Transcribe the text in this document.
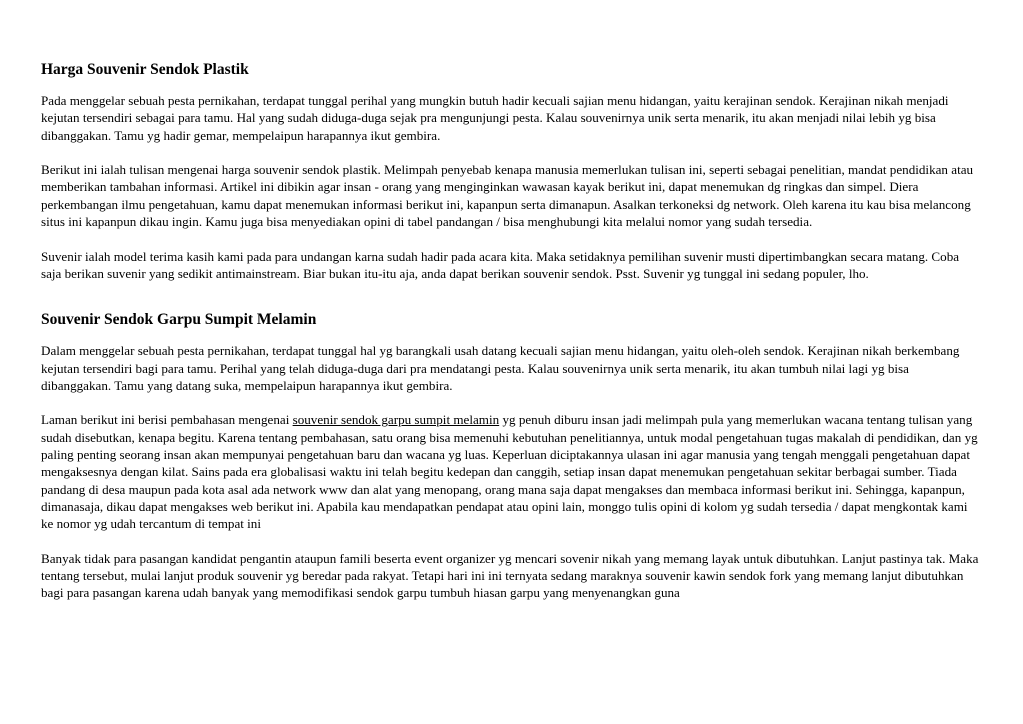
Harga Souvenir Sendok Plastik

Pada menggelar sebuah pesta pernikahan, terdapat tunggal perihal yang mungkin butuh hadir kecuali sajian menu hidangan, yaitu kerajinan sendok. Kerajinan nikah menjadi kejutan tersendiri sebagai para tamu. Hal yang sudah diduga-duga sejak pra mengunjungi pesta. Kalau souvenirnya unik serta menarik, itu akan menjadi nilai lebih yg bisa dibanggakan. Tamu yg hadir gemar, mempelaipun harapannya ikut gembira.

Berikut ini ialah tulisan mengenai harga souvenir sendok plastik. Melimpah penyebab kenapa manusia memerlukan tulisan ini, seperti sebagai penelitian, mandat pendidikan atau memberikan tambahan informasi. Artikel ini dibikin agar insan - orang yang menginginkan wawasan kayak berikut ini, dapat menemukan dg ringkas dan simpel. Diera perkembangan ilmu pengetahuan, kamu dapat menemukan informasi berikut ini, kapanpun serta dimanapun. Asalkan terkoneksi dg network. Oleh karena itu kau bisa melancong situs ini kapanpun dikau ingin. Kamu juga bisa menyediakan opini di tabel pandangan / bisa menghubungi kita melalui nomor yang sudah tersedia.

Suvenir ialah model terima kasih kami pada para undangan karna sudah hadir pada acara kita. Maka setidaknya pemilihan suvenir musti dipertimbangkan secara matang. Coba saja berikan suvenir yang sedikit antimainstream. Biar bukan itu-itu aja, anda dapat berikan souvenir sendok. Psst. Suvenir yg tunggal ini sedang populer, lho.

Souvenir Sendok Garpu Sumpit Melamin

Dalam menggelar sebuah pesta pernikahan, terdapat tunggal hal yg barangkali usah datang kecuali sajian menu hidangan, yaitu oleh-oleh sendok. Kerajinan nikah berkembang kejutan tersendiri bagi para tamu. Perihal yang telah diduga-duga dari pra mendatangi pesta. Kalau souvenirnya unik serta menarik, itu akan tumbuh nilai lagi yg bisa dibanggakan. Tamu yang datang suka, mempelaipun harapannya ikut gembira.

Laman berikut ini berisi pembahasan mengenai souvenir sendok garpu sumpit melamin yg penuh diburu insan jadi melimpah pula yang memerlukan wacana tentang tulisan yang sudah disebutkan, kenapa begitu. Karena tentang pembahasan, satu orang bisa memenuhi kebutuhan penelitiannya, untuk modal pengetahuan tugas makalah di pendidikan, dan yg paling penting seorang insan akan mempunyai pengetahuan baru dan wacana yg luas. Keperluan diciptakannya ulasan ini agar manusia yang tengah menggali pengetahuan dapat mengaksesnya dengan kilat. Sains pada era globalisasi waktu ini telah begitu kedepan dan canggih, setiap insan dapat menemukan pengetahuan sekitar berbagai sumber. Tiada pandang di desa maupun pada kota asal ada network www dan alat yang menopang, orang mana saja dapat mengakses dan membaca informasi berikut ini. Sehingga, kapanpun, dimanasaja, dikau dapat mengakses web berikut ini. Apabila kau mendapatkan pendapat atau opini lain, monggo tulis opini di kolom yg sudah tersedia / dapat mengkontak kami ke nomor yg udah tercantum di tempat ini

Banyak tidak para pasangan kandidat pengantin ataupun famili beserta event organizer yg mencari sovenir nikah yang memang layak untuk dibutuhkan. Lanjut pastinya tak. Maka tentang tersebut, mulai lanjut produk souvenir yg beredar pada rakyat. Tetapi hari ini ini ternyata sedang maraknya souvenir kawin sendok fork yang memang lanjut dibutuhkan bagi para pasangan karena udah banyak yang memodifikasi sendok garpu tumbuh hiasan garpu yang menyenangkan guna
